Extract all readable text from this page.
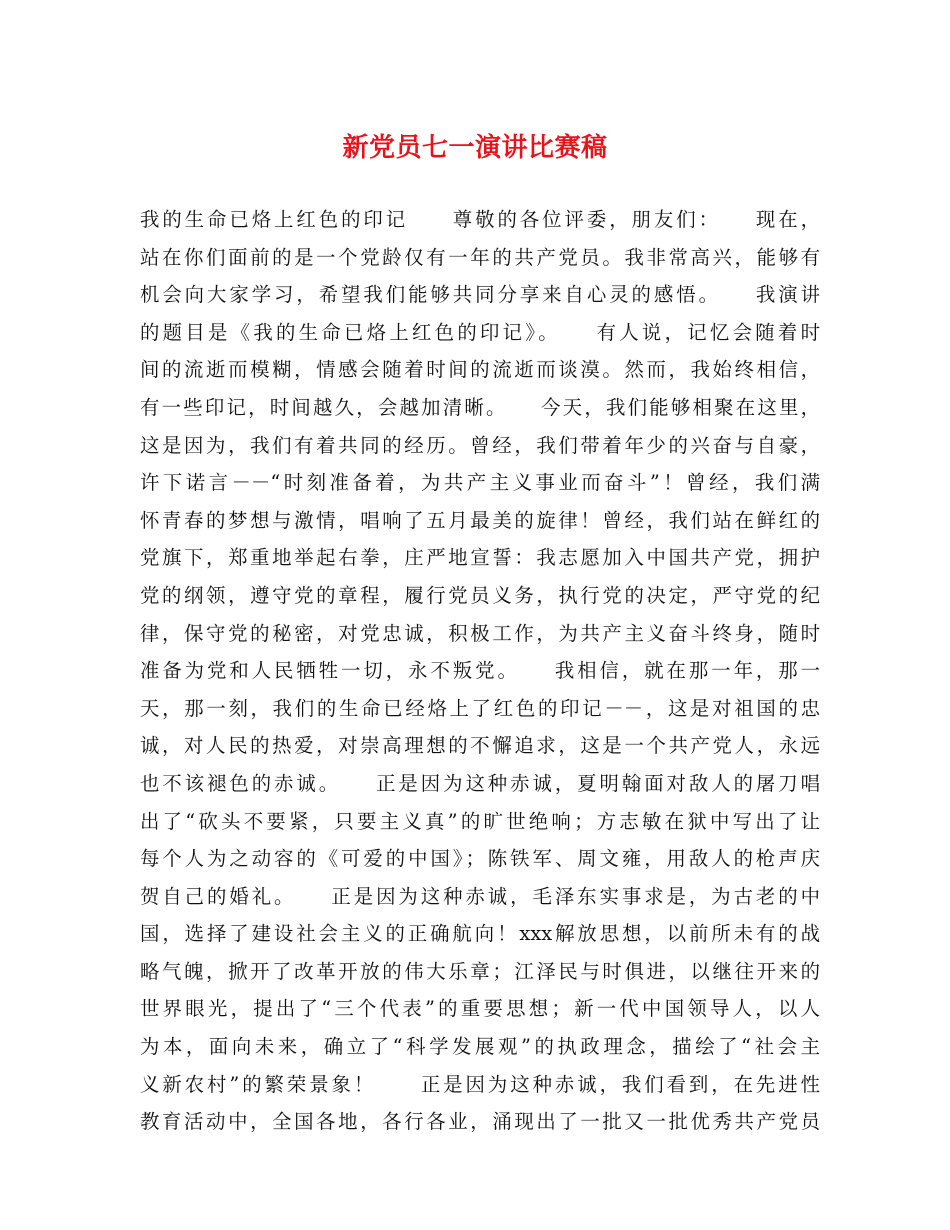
新党员七一演讲比赛稿
我的生命已烙上红色的印记　　尊敬的各位评委，朋友们：　　现在，
站在你们面前的是一个党龄仅有一年的共产党员。我非常高兴，能够有
机会向大家学习，希望我们能够共同分享来自心灵的感悟。　　我演讲
的题目是《我的生命已烙上红色的印记》。　　有人说，记忆会随着时
间的流逝而模糊，情感会随着时间的流逝而谈漠。然而，我始终相信，
有一些印记，时间越久，会越加清晰。　　今天，我们能够相聚在这里，
这是因为，我们有着共同的经历。曾经，我们带着年少的兴奋与自豪，
许下诺言－－“时刻准备着，为共产主义事业而奋斗”！曾经，我们满
怀青春的梦想与激情，唱响了五月最美的旋律！曾经，我们站在鲜红的
党旗下，郑重地举起右拳，庄严地宣誓：我志愿加入中国共产党，拥护
党的纲领，遵守党的章程，履行党员义务，执行党的决定，严守党的纪
律，保守党的秘密，对党忠诚，积极工作，为共产主义奋斗终身，随时
准备为党和人民牺牲一切，永不叛党。　　我相信，就在那一年，那一
天，那一刻，我们的生命已经烙上了红色的印记－－，这是对祖国的忠
诚，对人民的热爱，对崇高理想的不懈追求，这是一个共产党人，永远
也不该褪色的赤诚。　　正是因为这种赤诚，夏明翰面对敌人的屠刀唱
出了“砍头不要紧，只要主义真”的旷世绝响；方志敏在狱中写出了让
每个人为之动容的《可爱的中国》；陈铁军、周文雍，用敌人的枪声庆
贺自己的婚礼。　　正是因为这种赤诚，毛泽东实事求是，为古老的中
国，选择了建设社会主义的正确航向！xxx解放思想，以前所未有的战
略气魄，掀开了改革开放的伟大乐章；江泽民与时俱进，以继往开来的
世界眼光，提出了“三个代表”的重要思想；新一代中国领导人，以人
为本，面向未来，确立了“科学发展观”的执政理念，描绘了“社会主
义新农村”的繁荣景象！　　正是因为这种赤诚，我们看到，在先进性
教育活动中，全国各地，各行各业，涌现出了一批又一批优秀共产党员
